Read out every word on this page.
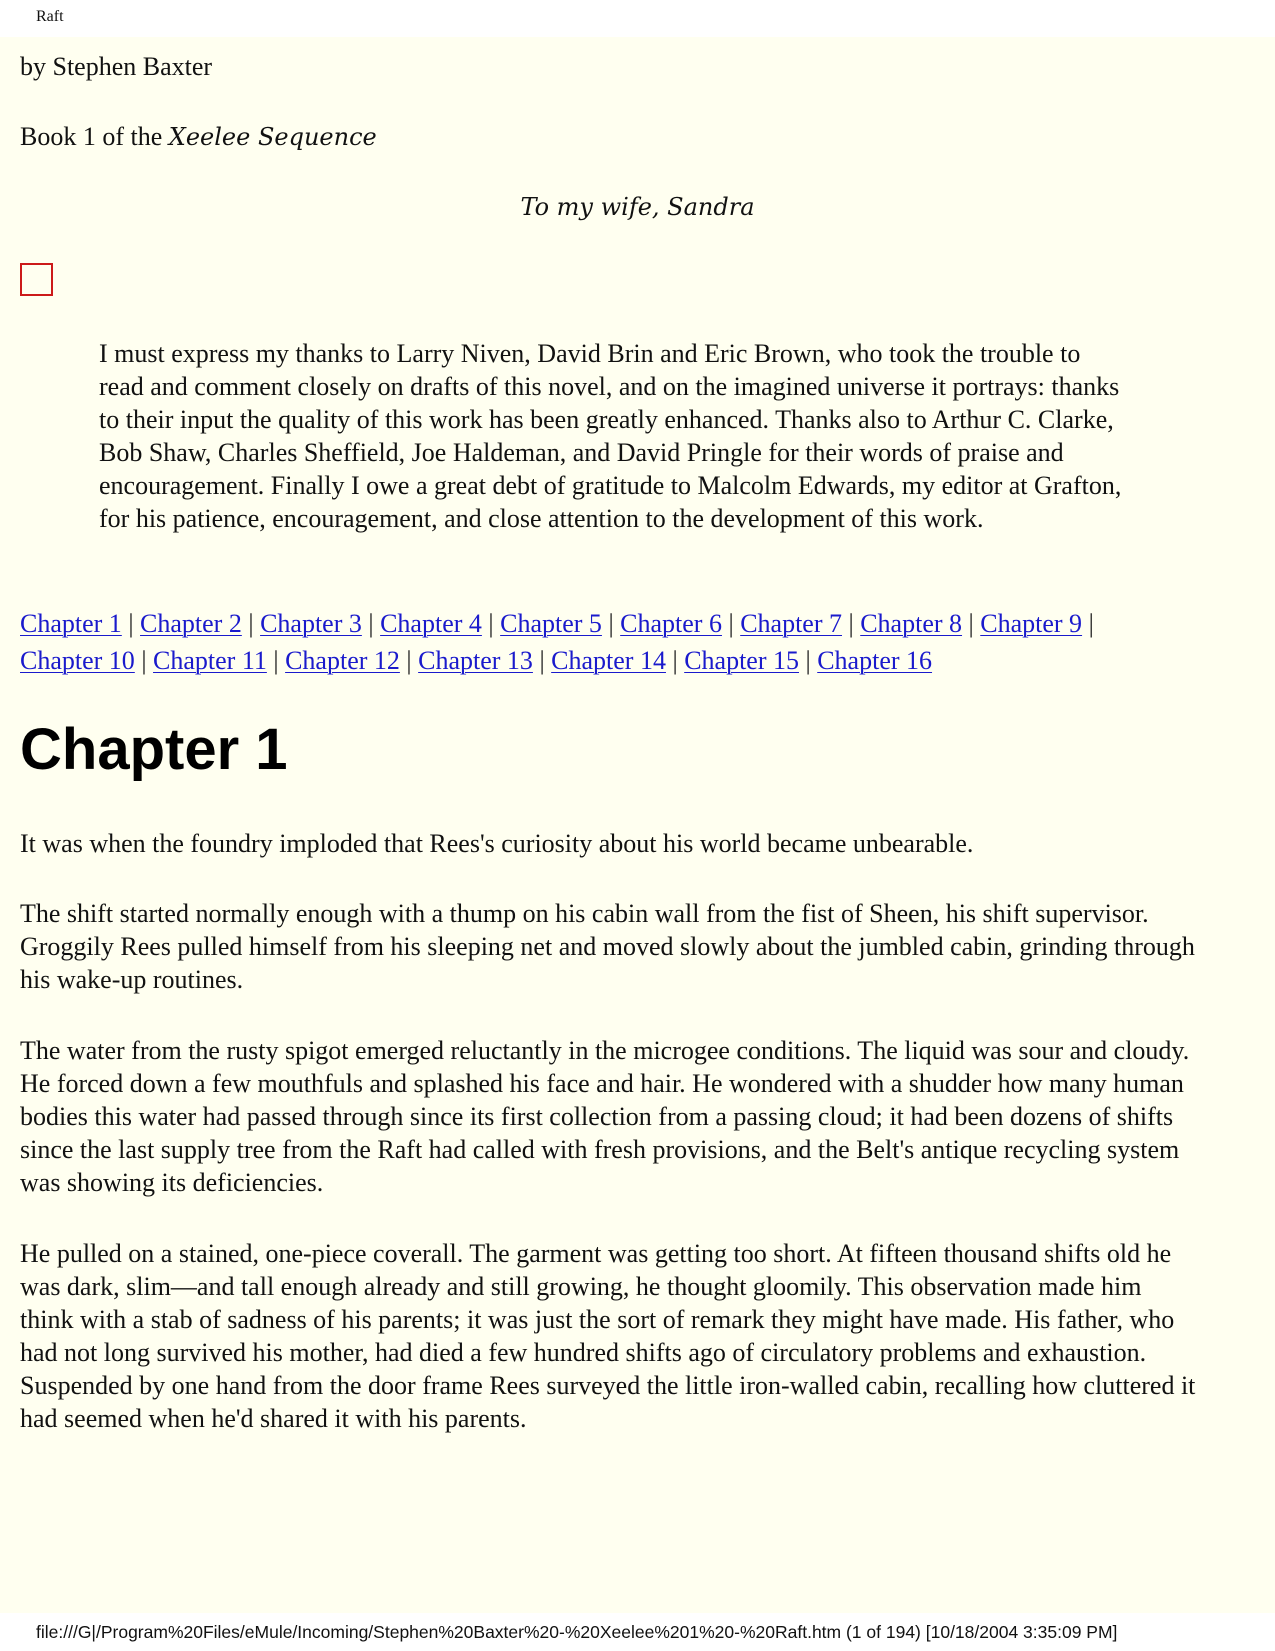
Raft

by Stephen Baxter

Book 1 of the Xeelee Sequence

To my wife, Sandra

I must express my thanks to Larry Niven, David Brin and Eric Brown, who took the trouble to read and comment closely on drafts of this novel, and on the imagined universe it portrays: thanks to their input the quality of this work has been greatly enhanced. Thanks also to Arthur C. Clarke, Bob Shaw, Charles Sheffield, Joe Haldeman, and David Pringle for their words of praise and encouragement. Finally I owe a great debt of gratitude to Malcolm Edwards, my editor at Grafton, for his patience, encouragement, and close attention to the development of this work.

Chapter 1 | Chapter 2 | Chapter 3 | Chapter 4 | Chapter 5 | Chapter 6 | Chapter 7 | Chapter 8 | Chapter 9 |
Chapter 10 | Chapter 11 | Chapter 12 | Chapter 13 | Chapter 14 | Chapter 15 | Chapter 16
Chapter 1

It was when the foundry imploded that Rees's curiosity about his world became unbearable.

The shift started normally enough with a thump on his cabin wall from the fist of Sheen, his shift supervisor. Groggily Rees pulled himself from his sleeping net and moved slowly about the jumbled cabin, grinding through his wake-up routines.

The water from the rusty spigot emerged reluctantly in the microgee conditions. The liquid was sour and cloudy. He forced down a few mouthfuls and splashed his face and hair. He wondered with a shudder how many human bodies this water had passed through since its first collection from a passing cloud; it had been dozens of shifts since the last supply tree from the Raft had called with fresh provisions, and the Belt's antique recycling system was showing its deficiencies.

He pulled on a stained, one-piece coverall. The garment was getting too short. At fifteen thousand shifts old he was dark, slim—and tall enough already and still growing, he thought gloomily. This observation made him think with a stab of sadness of his parents; it was just the sort of remark they might have made. His father, who had not long survived his mother, had died a few hundred shifts ago of circulatory problems and exhaustion. Suspended by one hand from the door frame Rees surveyed the little iron-walled cabin, recalling how cluttered it had seemed when he'd shared it with his parents.

file:///G|/Program%20Files/eMule/Incoming/Stephen%20Baxter%20-%20Xeelee%201%20-%20Raft.htm (1 of 194) [10/18/2004 3:35:09 PM]
